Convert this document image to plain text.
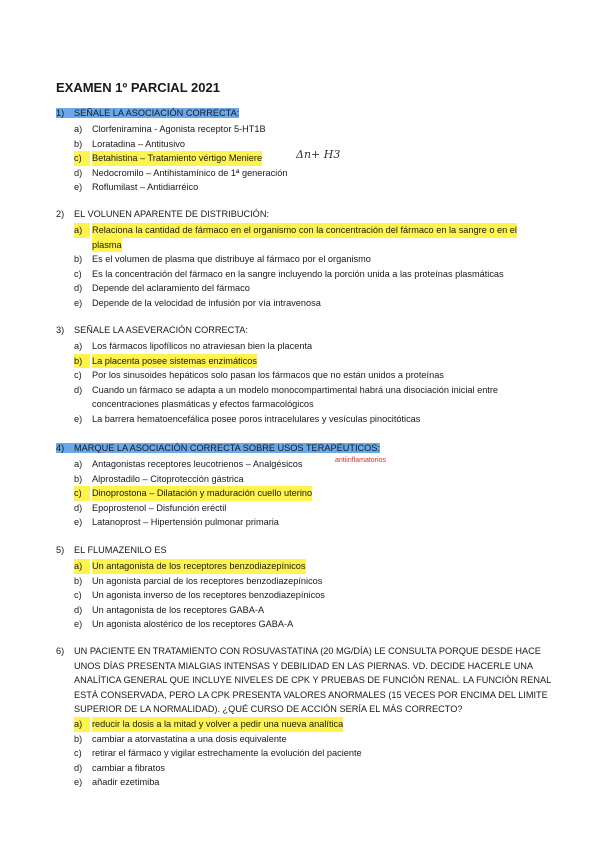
EXAMEN 1º PARCIAL 2021
1) SEÑALE LA ASOCIACIÓN CORRECTA:
a) Clorfeniramina - Agonista receptor 5-HT1B
b) Loratadina – Antitusivo
c)	Betahistina – Tratamiento vértigo Meniere
d) Nedocromilo – Antihistamínico de 1ª generación
e) Roflumilast – Antidiarréico
2) EL VOLUNEN APARENTE DE DISTRIBUCIÓN:
a)	Relaciona la cantidad de fármaco en el organismo con la concentración del fármaco en la sangre o en el
plasma
b) Es el volumen de plasma que distribuye al fármaco por el organismo
c) Es la concentración del fármaco en la sangre incluyendo la porción unida a las proteínas plasmáticas
d) Depende del aclaramiento del fármaco
e) Depende de la velocidad de infusión por vía intravenosa
3) SEÑALE LA ASEVERACIÓN CORRECTA:
a) Los fármacos lipofílicos no atraviesan bien la placenta
b)	La placenta posee sistemas enzimáticos
c) Por los sinusoides hepáticos solo pasan los fármacos que no están unidos a proteínas
d) Cuando un fármaco se adapta a un modelo monocompartimental habrá una disociación inicial entre
concentraciones plasmáticas y efectos farmacológicos
e) La barrera hematoencefálica posee poros intracelulares y vesículas pinocitóticas
4) MARQUE LA ASOCIACIÓN CORRECTA SOBRE USOS TERAPÉUTICOS:
a) Antagonistas receptores leucotrienos – Analgésicos
b) Alprostadilo – Citoprotección gástrica
c)	Dinoprostona – Dilatación y maduración cuello uterino
d) Epoprostenol – Disfunción eréctil
e) Latanoprost – Hipertensión pulmonar primaria
5) EL FLUMAZENILO ES
a)	Un antagonista de los receptores benzodiazepínicos
b) Un agonista parcial de los receptores benzodiazepínicos
c) Un agonista inverso de los receptores benzodiazepínicos
d) Un antagonista de los receptores GABA-A
e) Un agonista alostérico de los receptores GABA-A
6) UN PACIENTE EN TRATAMIENTO CON ROSUVASTATINA (20 MG/DÍA) LE CONSULTA PORQUE DESDE HACE
UNOS DÍAS PRESENTA MIALGIAS INTENSAS Y DEBILIDAD EN LAS PIERNAS. VD. DECIDE HACERLE UNA
ANALÍTICA GENERAL QUE INCLUYE NIVELES DE CPK Y PRUEBAS DE FUNCIÓN RENAL. LA FUNCIÓN RENAL
ESTÁ CONSERVADA, PERO LA CPK PRESENTA VALORES ANORMALES (15 VECES POR ENCIMA DEL LIMITE
SUPERIOR DE LA NORMALIDAD). ¿QUÉ CURSO DE ACCIÓN SERÍA EL MÁS CORRECTO?
a)	reducir la dosis a la mitad y volver a pedir una nueva analítica
b) cambiar a atorvastatina a una dosis equivalente
c) retirar el fármaco y vigilar estrechamente la evolución del paciente
d) cambiar a fibratos
e) añadir ezetimiba
Δn+ H3
antiinflamatorios
